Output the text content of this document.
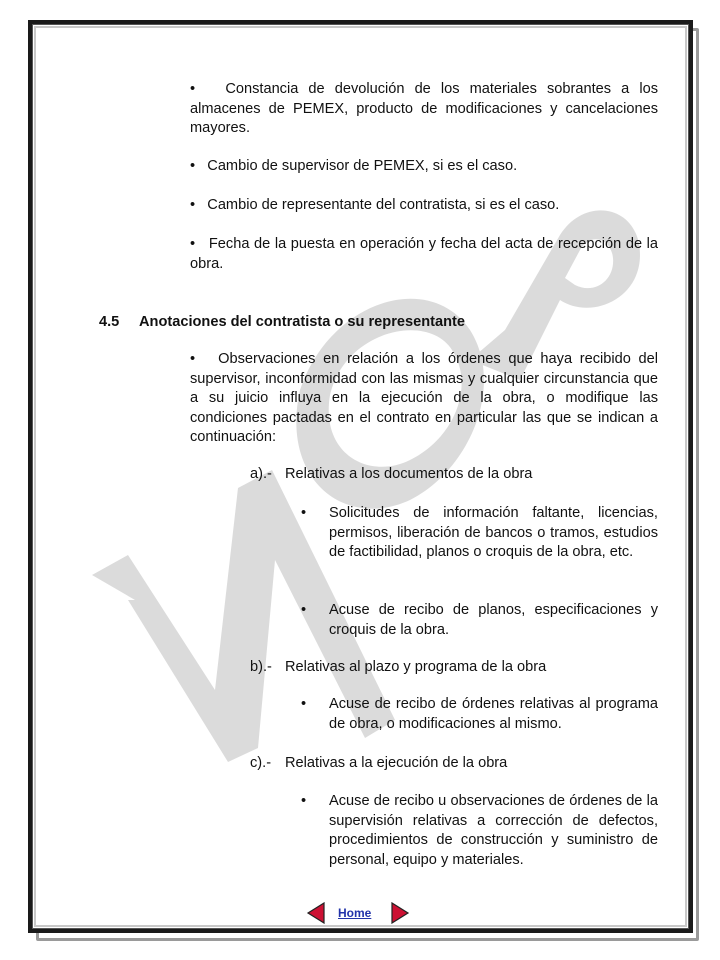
• Constancia de devolución de los materiales sobrantes a los almacenes de PEMEX, producto de modificaciones y cancelaciones mayores.
• Cambio de supervisor de PEMEX, si es el caso.
• Cambio de representante del contratista, si es el caso.
• Fecha de la puesta en operación y fecha del acta de recepción de la obra.
4.5 Anotaciones del contratista o su representante
• Observaciones en relación a los órdenes que haya recibido del supervisor, inconformidad con las mismas y cualquier circunstancia que a su juicio influya en la ejecución de la obra, o modifique las condiciones pactadas en el contrato en particular las que se indican a continuación:
a).- Relativas a los documentos de la obra
• Solicitudes de información faltante, licencias, permisos, liberación de bancos o tramos, estudios de factibilidad, planos o croquis de la obra, etc.
• Acuse de recibo de planos, especificaciones y croquis de la obra.
b).- Relativas al plazo y programa de la obra
• Acuse de recibo de órdenes relativas al programa de obra, o modificaciones al mismo.
c).- Relativas a la ejecución de la obra
• Acuse de recibo u observaciones de órdenes de la supervisión relativas a corrección de defectos, procedimientos de construcción y suministro de personal, equipo y materiales.
Home
